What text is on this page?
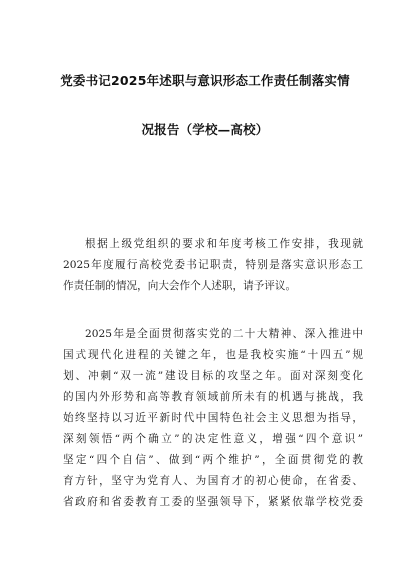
党委书记2025年述职与意识形态工作责任制落实情
况报告（学校—高校）
根据上级党组织的要求和年度考核工作安排，我现就
2025年度履行高校党委书记职责，特别是落实意识形态工
作责任制的情况，向大会作个人述职，请予评议。
2025年是全面贯彻落实党的二十大精神、深入推进中
国式现代化进程的关键之年，也是我校实施“十四五”规
划、冲刺“双一流”建设目标的攻坚之年。面对深刻变化
的国内外形势和高等教育领域前所未有的机遇与挑战，我
始终坚持以习近平新时代中国特色社会主义思想为指导，
深刻领悟“两个确立”的决定性意义，增强“四个意识”
坚定“四个自信”、做到“两个维护”，全面贯彻党的教
育方针，坚守为党育人、为国育才的初心使命，在省委、
省政府和省委教育工委的坚强领导下，紧紧依靠学校党委
